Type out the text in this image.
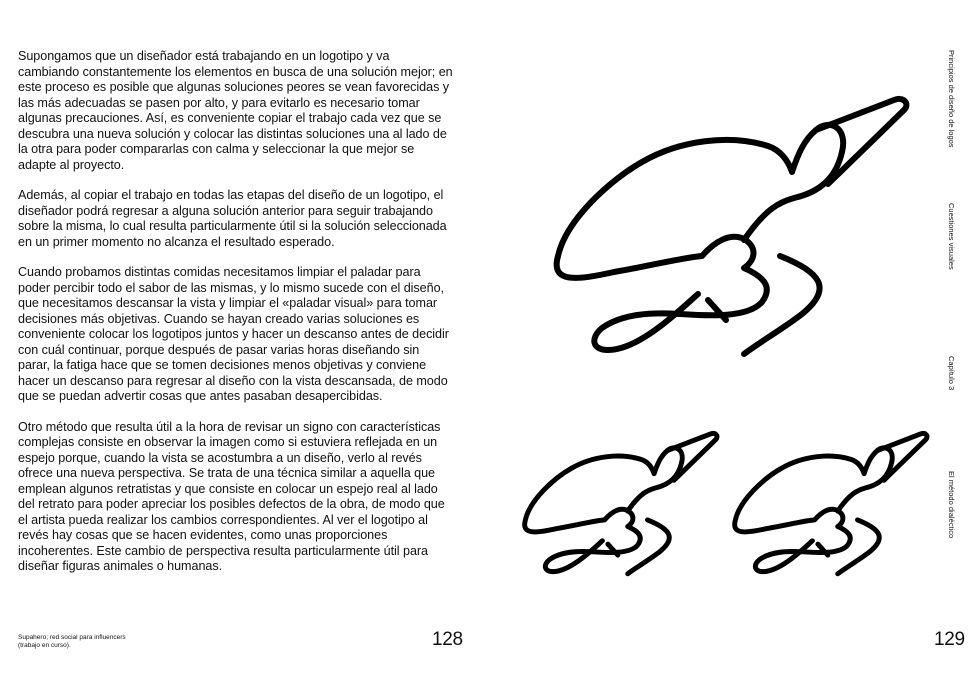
Supongamos que un diseñador está trabajando en un logotipo y va cambiando constantemente los elementos en busca de una solución mejor; en este proceso es posible que algunas soluciones peores se vean favorecidas y las más adecuadas se pasen por alto, y para evitarlo es necesario tomar algunas precauciones. Así, es conveniente copiar el trabajo cada vez que se descubra una nueva solución y colocar las distintas soluciones una al lado de la otra para poder compararlas con calma y seleccionar la que mejor se adapte al proyecto.

Además, al copiar el trabajo en todas las etapas del diseño de un logotipo, el diseñador podrá regresar a alguna solución anterior para seguir trabajando sobre la misma, lo cual resulta particularmente útil si la solución seleccionada en un primer momento no alcanza el resultado esperado.

Cuando probamos distintas comidas necesitamos limpiar el paladar para poder percibir todo el sabor de las mismas, y lo mismo sucede con el diseño, que necesitamos descansar la vista y limpiar el «paladar visual» para tomar decisiones más objetivas. Cuando se hayan creado varias soluciones es conveniente colocar los logotipos juntos y hacer un descanso antes de decidir con cuál continuar, porque después de pasar varias horas diseñando sin parar, la fatiga hace que se tomen decisiones menos objetivas y conviene hacer un descanso para regresar al diseño con la vista descansada, de modo que se puedan advertir cosas que antes pasaban desapercibidas.

Otro método que resulta útil a la hora de revisar un signo con características complejas consiste en observar la imagen como si estuviera reflejada en un espejo porque, cuando la vista se acostumbra a un diseño, verlo al revés ofrece una nueva perspectiva. Se trata de una técnica similar a aquella que emplean algunos retratistas y que consiste en colocar un espejo real al lado del retrato para poder apreciar los posibles defectos de la obra, de modo que el artista pueda realizar los cambios correspondientes. Al ver el logotipo al revés hay cosas que se hacen evidentes, como unas proporciones incoherentes. Este cambio de perspectiva resulta particularmente útil para diseñar figuras animales o humanas.

Supahero; red social para influencers
(trabajo en curso).	128
Principios de diseño de logos
Cuestiones visuales
Capítulo 3
El método dialéctico
129
